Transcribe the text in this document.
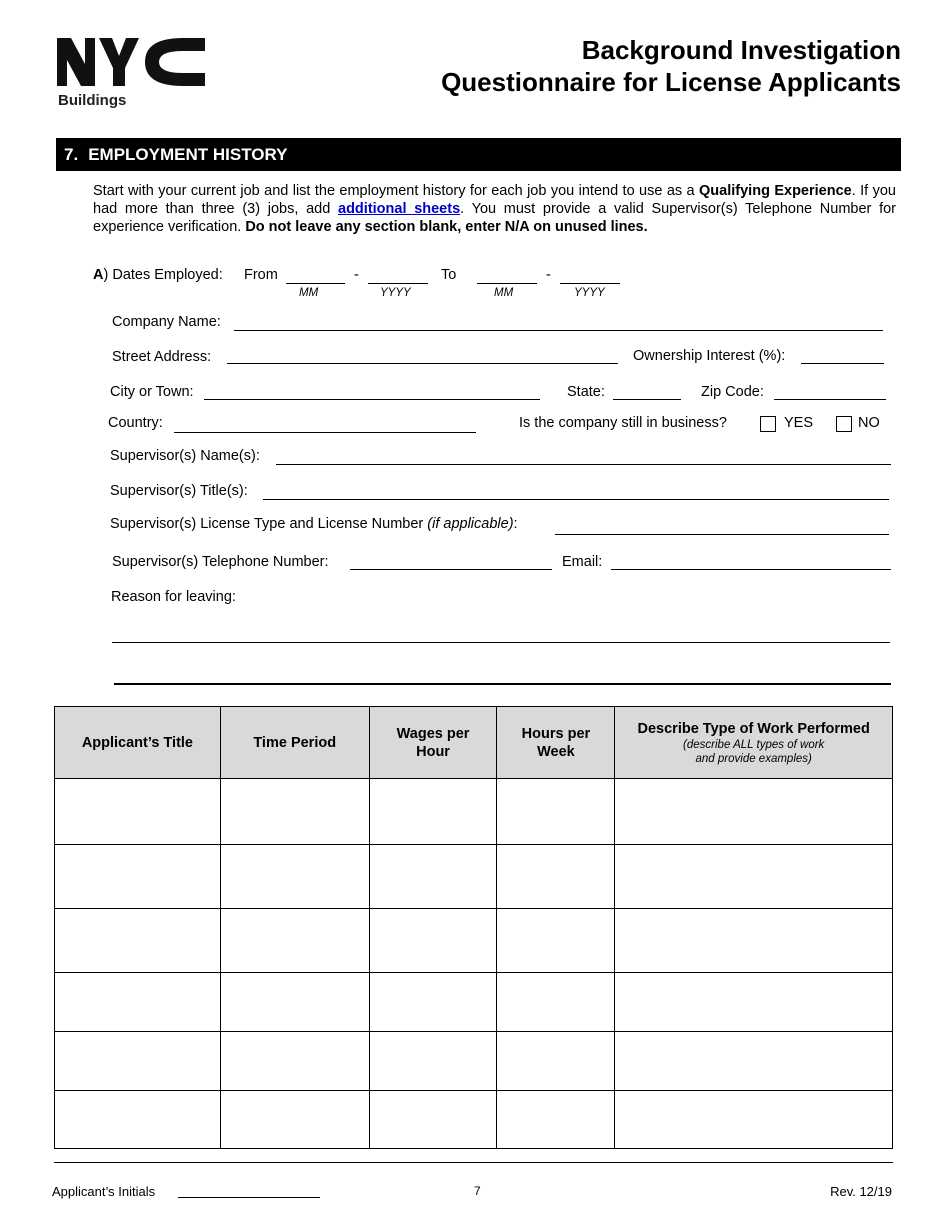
Buildings
Background Investigation
Questionnaire for License Applicants
7. EMPLOYMENT HISTORY
Start with your current job and list the employment history for each job you intend to use as a Qualifying Experience. If you had more than three (3) jobs, add additional sheets. You must provide a valid Supervisor(s) Telephone Number for experience verification. Do not leave any section blank, enter N/A on unused lines.
A) Dates Employed: From	-	To	-
MM	YYYY	MM	YYYY
Company Name:
Street Address:	Ownership Interest (%):
City or Town:	State:	Zip Code:
Country:	Is the company still in business?	YES	NO
Supervisor(s) Name(s):
Supervisor(s) Title(s):
Supervisor(s) License Type and License Number (if applicable):
Supervisor(s) Telephone Number:	Email:
Reason for leaving:
Applicant’s Title	Time Period	Wages per Hour	Hours per Week	Describe Type of Work Performed
(describe ALL types of work
and provide examples)

Applicant’s Initials	7	Rev. 12/19
